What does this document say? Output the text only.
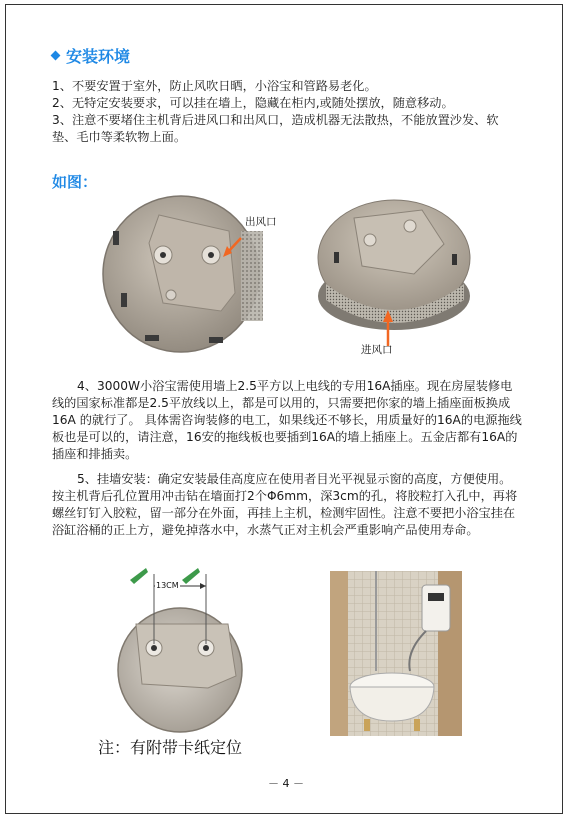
安装环境
1、不要安置于室外，防止风吹日晒，小浴宝和管路易老化。
2、无特定安装要求，可以挂在墙上，隐藏在柜内,或随处摆放，随意移动。
3、注意不要堵住主机背后进风口和出风口，造成机器无法散热，不能放置沙发、软垫、毛巾等柔软物上面。
如图：
出风口
进风口
4、3000W小浴宝需使用墙上2.5平方以上电线的专用16A插座。现在房屋装修电线的国家标准都是2.5平放线以上，都是可以用的，只需要把你家的墙上插座面板换成16A 的就行了。 具体需咨询装修的电工，如果线还不够长，用质量好的16A的电源拖线板也是可以的，请注意，16安的拖线板也要插到16A的墙上插座上。五金店都有16A的插座和排插卖。
5、挂墙安装：确定安装最佳高度应在使用者目光平视显示窗的高度，方便使用。按主机背后孔位置用冲击钻在墙面打2个Φ6mm，深3cm的孔，将胶粒打入孔中，再将螺丝钉钉入胶粒，留一部分在外面，再挂上主机，检测牢固性。注意不要把小浴宝挂在浴缸浴桶的正上方，避免掉落水中，水蒸气正对主机会严重影响产品使用寿命。
13CM
注：有附带卡纸定位
－ 4 －
